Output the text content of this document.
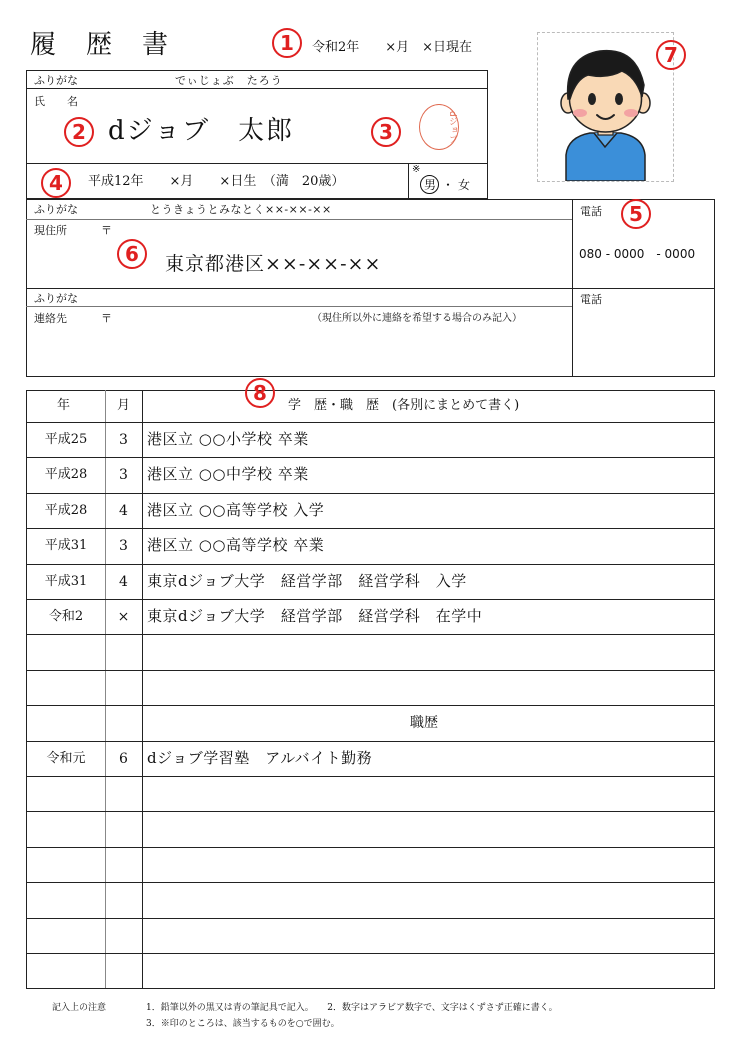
履　歴　書	令和2年　　×月　×日現在
ふりがな	でぃじょぶ　たろう
氏　　名
dジョブ　太郎	dジョブ
平成12年　　×月　　×日生　（満　20歳）
※
男 ・ 女
ふりがな	とうきょうとみなとく××-××-××
現住所	〒
東京都港区××-××-××
電話
080 - 0000　- 0000
ふりがな
連絡先	〒	（現住所以外に連絡を希望する場合のみ記入）
電話
年	月	学　歴・職　歴　(各別にまとめて書く)
平成25	3	港区立 ○○小学校 卒業
平成28	3	港区立 ○○中学校 卒業
平成28	4	港区立 ○○高等学校 入学
平成31	3	港区立 ○○高等学校 卒業
平成31	4	東京dジョブ大学　経営学部　経営学科　入学
令和2	×	東京dジョブ大学　経営学部　経営学科　在学中
職歴
令和元	6	dジョブ学習塾　アルバイト勤務
記入上の注意	1．鉛筆以外の黒又は青の筆記具で記入。　　2．数字はアラビア数字で、文字はくずさず正確に書く。
3．※印のところは、該当するものを○で囲む。
1
2	3
4
5
6
7
8
